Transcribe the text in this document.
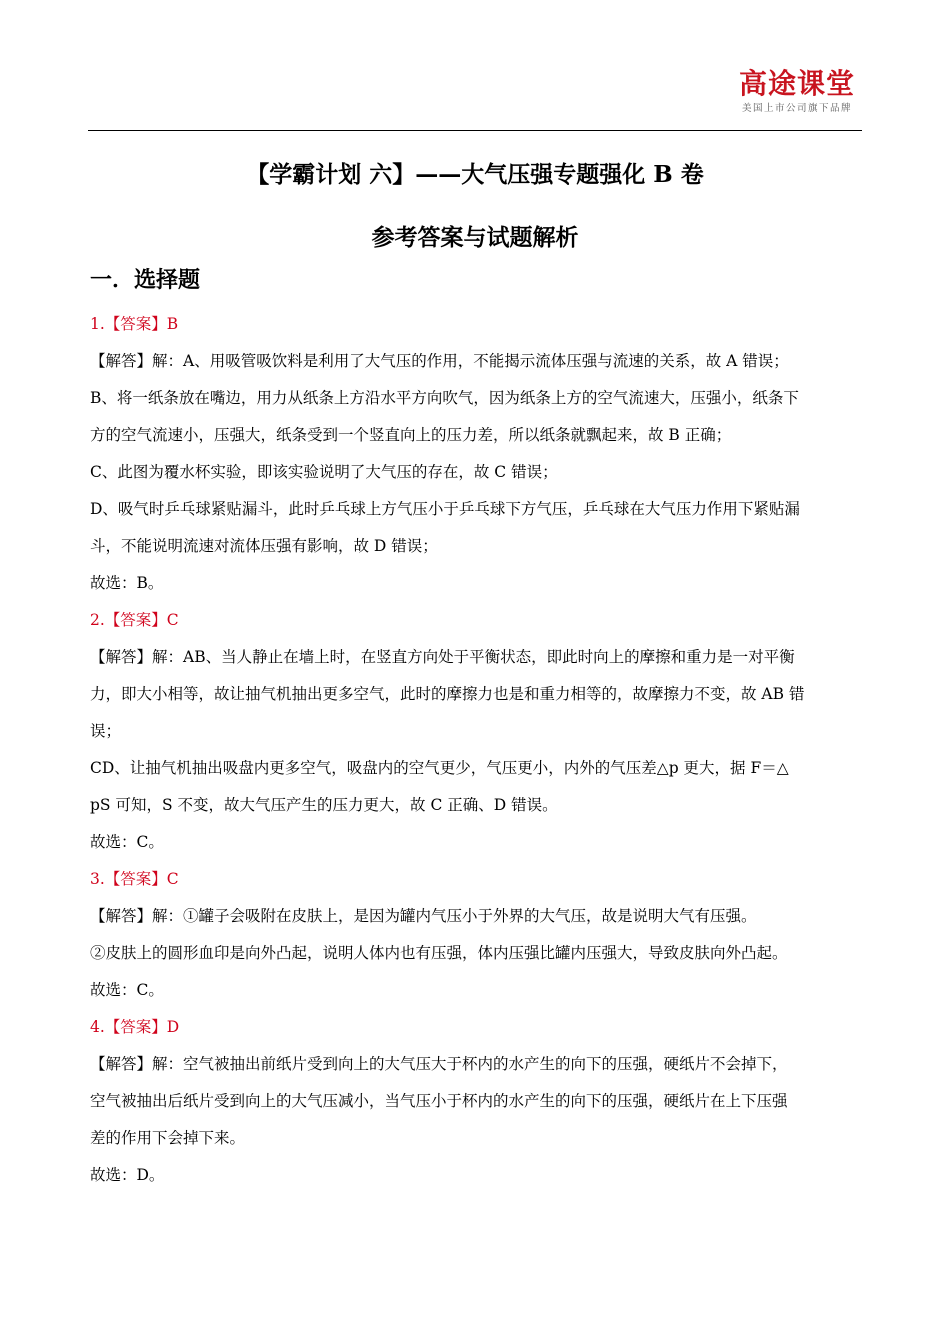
高途课堂
美国上市公司旗下品牌
【学霸计划 六】——大气压强专题强化 B 卷
参考答案与试题解析
一．选择题
1.【答案】B
【解答】解：A、用吸管吸饮料是利用了大气压的作用，不能揭示流体压强与流速的关系，故 A 错误；
B、将一纸条放在嘴边，用力从纸条上方沿水平方向吹气，因为纸条上方的空气流速大，压强小，纸条下
方的空气流速小，压强大，纸条受到一个竖直向上的压力差，所以纸条就飘起来，故 B 正确；
C、此图为覆水杯实验，即该实验说明了大气压的存在，故 C 错误；
D、吸气时乒乓球紧贴漏斗，此时乒乓球上方气压小于乒乓球下方气压，乒乓球在大气压力作用下紧贴漏
斗，不能说明流速对流体压强有影响，故 D 错误；
故选：B。
2.【答案】C
【解答】解：AB、当人静止在墙上时，在竖直方向处于平衡状态，即此时向上的摩擦和重力是一对平衡
力，即大小相等，故让抽气机抽出更多空气，此时的摩擦力也是和重力相等的，故摩擦力不变，故 AB 错
误；
CD、让抽气机抽出吸盘内更多空气，吸盘内的空气更少，气压更小，内外的气压差△p 更大，据 F＝△
pS 可知，S 不变，故大气压产生的压力更大，故 C 正确、D 错误。
故选：C。
3.【答案】C
【解答】解：①罐子会吸附在皮肤上，是因为罐内气压小于外界的大气压，故是说明大气有压强。
②皮肤上的圆形血印是向外凸起，说明人体内也有压强，体内压强比罐内压强大，导致皮肤向外凸起。
故选：C。
4.【答案】D
【解答】解：空气被抽出前纸片受到向上的大气压大于杯内的水产生的向下的压强，硬纸片不会掉下，
空气被抽出后纸片受到向上的大气压减小，当气压小于杯内的水产生的向下的压强，硬纸片在上下压强
差的作用下会掉下来。
故选：D。
